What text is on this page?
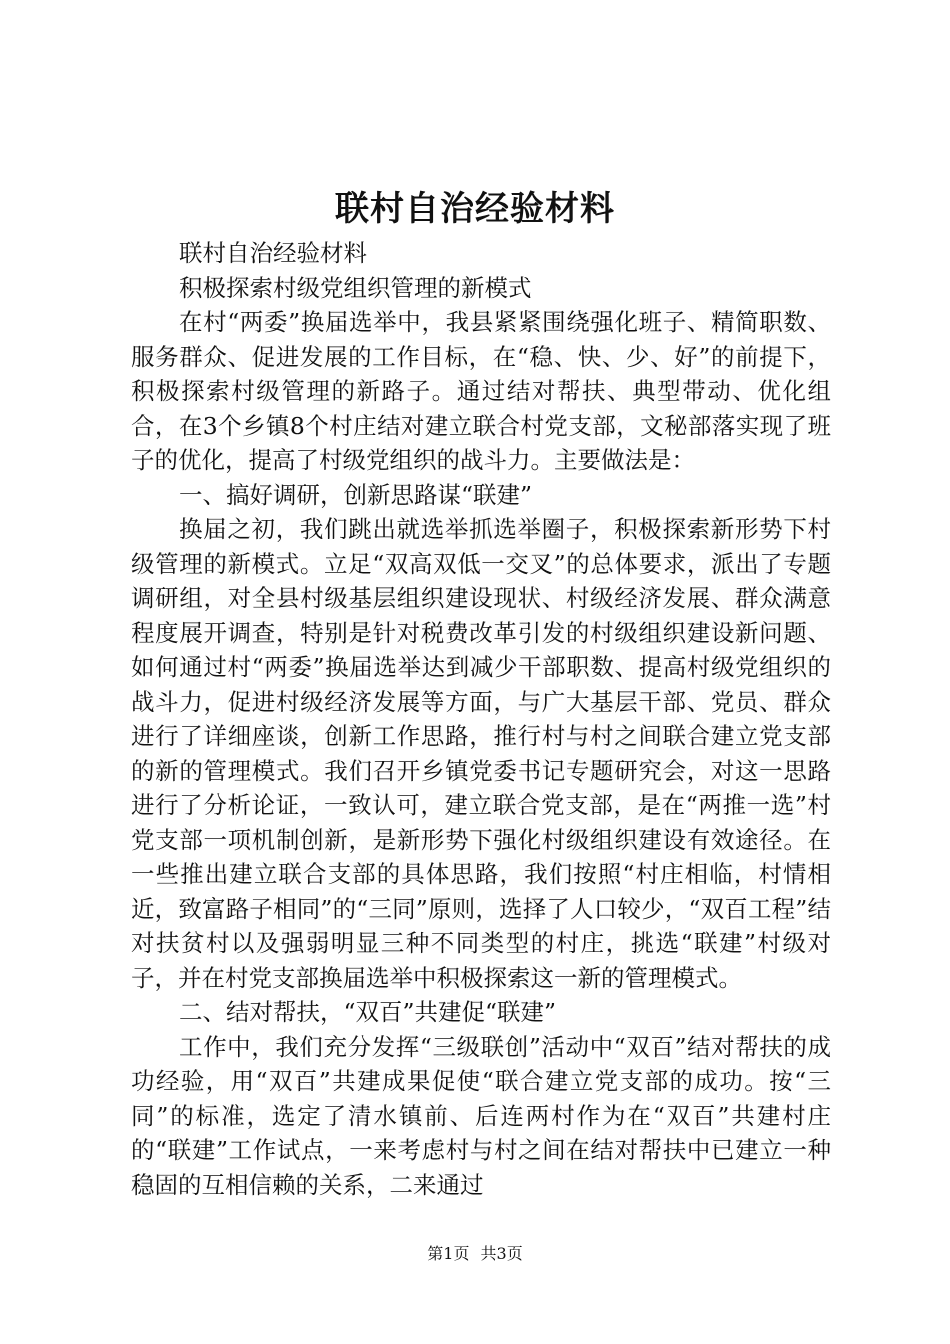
联村自治经验材料

联村自治经验材料

积极探索村级党组织管理的新模式

在村“两委”换届选举中，我县紧紧围绕强化班子、精简职数、服务群众、促进发展的工作目标，在“稳、快、少、好”的前提下，积极探索村级管理的新路子。通过结对帮扶、典型带动、优化组合，在3个乡镇8个村庄结对建立联合村党支部，文秘部落实现了班子的优化，提高了村级党组织的战斗力。主要做法是：

一、搞好调研，创新思路谋“联建”

换届之初，我们跳出就选举抓选举圈子，积极探索新形势下村级管理的新模式。立足“双高双低一交叉”的总体要求，派出了专题调研组，对全县村级基层组织建设现状、村级经济发展、群众满意程度展开调查，特别是针对税费改革引发的村级组织建设新问题、如何通过村“两委”换届选举达到减少干部职数、提高村级党组织的战斗力，促进村级经济发展等方面，与广大基层干部、党员、群众进行了详细座谈，创新工作思路，推行村与村之间联合建立党支部的新的管理模式。我们召开乡镇党委书记专题研究会，对这一思路进行了分析论证，一致认可，建立联合党支部，是在“两推一选”村党支部一项机制创新，是新形势下强化村级组织建设有效途径。在一些推出建立联合支部的具体思路，我们按照“村庄相临，村情相近，致富路子相同”的“三同”原则，选择了人口较少，“双百工程”结对扶贫村以及强弱明显三种不同类型的村庄，挑选“联建”村级对子，并在村党支部换届选举中积极探索这一新的管理模式。

二、结对帮扶，“双百”共建促“联建”

工作中，我们充分发挥“三级联创”活动中“双百”结对帮扶的成功经验，用“双百”共建成果促使“联合建立党支部的成功。按“三同”的标准，选定了清水镇前、后连两村作为在“双百”共建村庄的“联建”工作试点，一来考虑村与村之间在结对帮扶中已建立一种稳固的互相信赖的关系，二来通过

第1页 共3页
